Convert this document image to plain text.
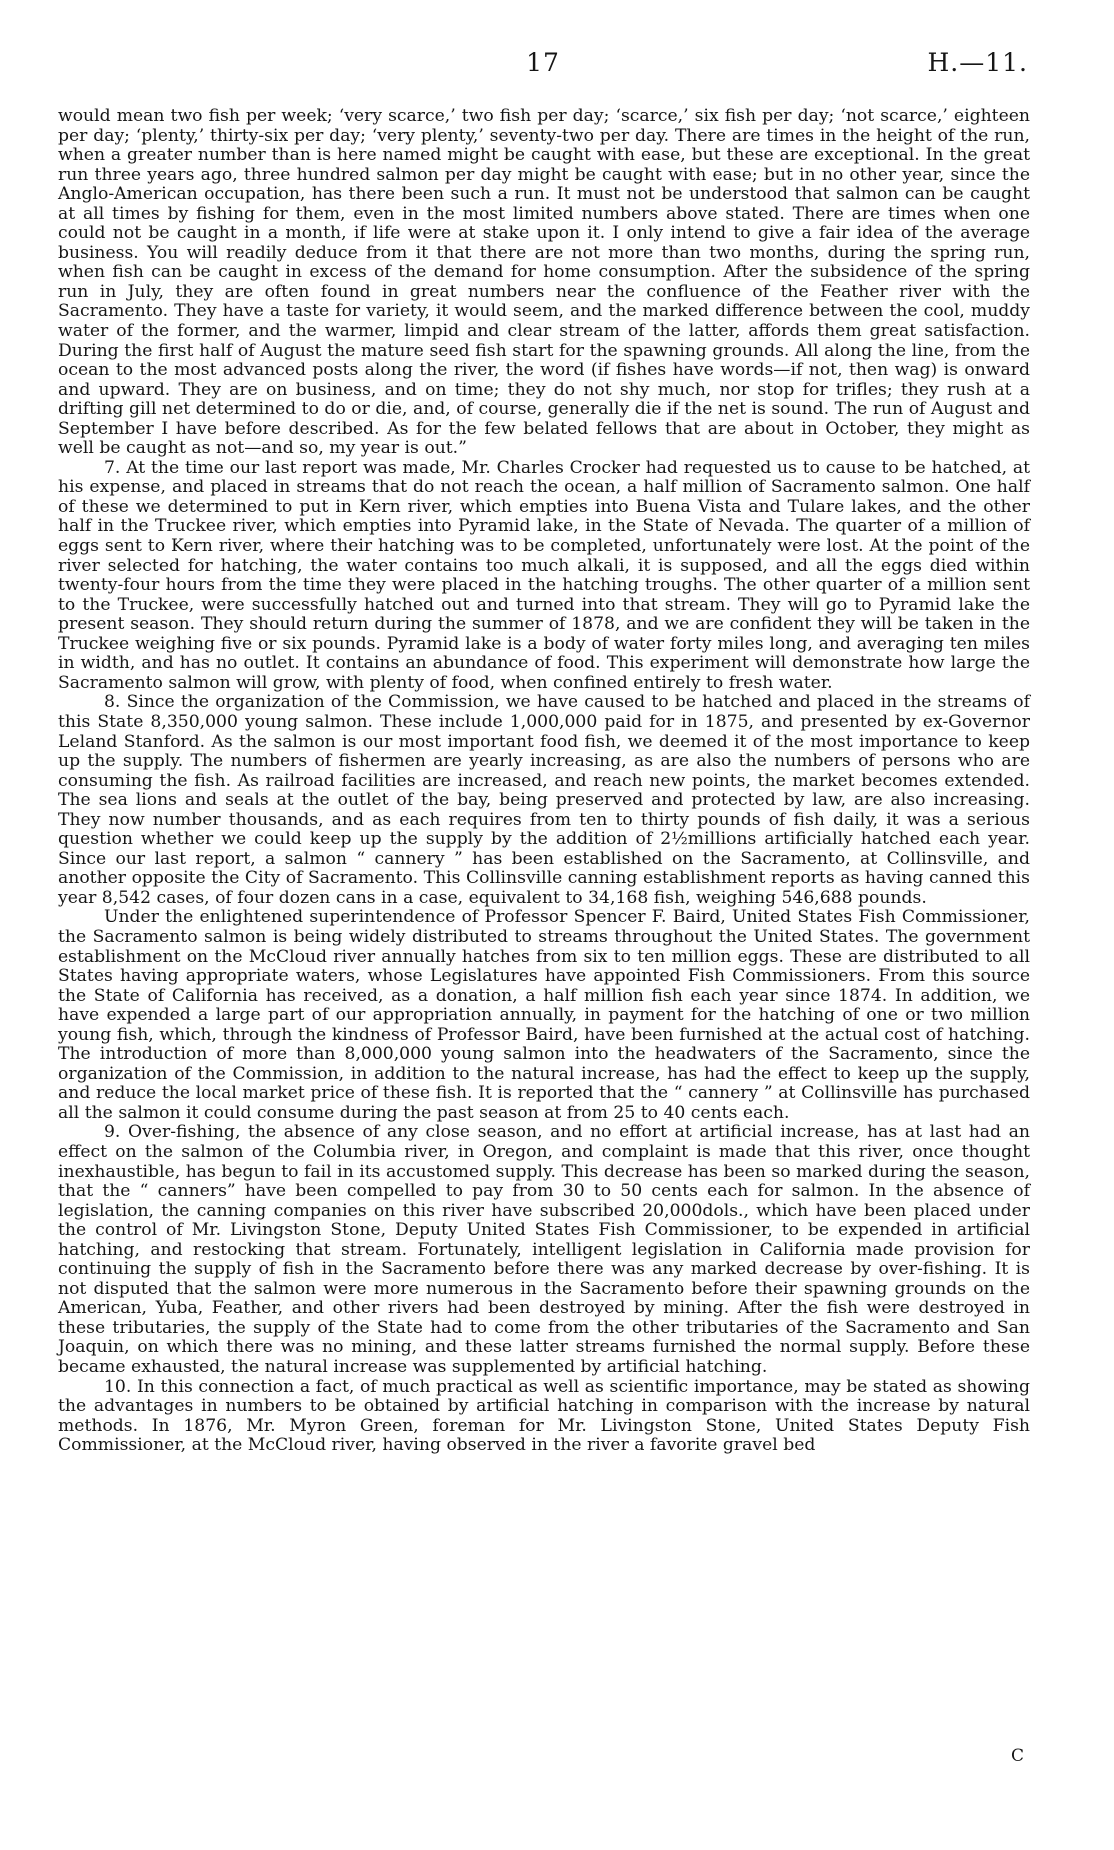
17	H.—11.

would mean two fish per week; ‘very scarce,’ two fish per day; ‘scarce,’ six fish per day; ‘not scarce,’ eighteen per day; ‘plenty,’ thirty-six per day; ‘very plenty,’ seventy-two per day. There are times in the height of the run, when a greater number than is here named might be caught with ease, but these are exceptional. In the great run three years ago, three hundred salmon per day might be caught with ease; but in no other year, since the Anglo-American occupation, has there been such a run. It must not be understood that salmon can be caught at all times by fishing for them, even in the most limited numbers above stated. There are times when one could not be caught in a month, if life were at stake upon it. I only intend to give a fair idea of the average business. You will readily deduce from it that there are not more than two months, during the spring run, when fish can be caught in excess of the demand for home consumption. After the subsidence of the spring run in July, they are often found in great numbers near the confluence of the Feather river with the Sacramento. They have a taste for variety, it would seem, and the marked difference between the cool, muddy water of the former, and the warmer, limpid and clear stream of the latter, affords them great satisfaction. During the first half of August the mature seed fish start for the spawning grounds. All along the line, from the ocean to the most advanced posts along the river, the word (if fishes have words—if not, then wag) is onward and upward. They are on business, and on time; they do not shy much, nor stop for trifles; they rush at a drifting gill net determined to do or die, and, of course, generally die if the net is sound. The run of August and September I have before described. As for the few belated fellows that are about in October, they might as well be caught as not—and so, my year is out.”

7. At the time our last report was made, Mr. Charles Crocker had requested us to cause to be hatched, at his expense, and placed in streams that do not reach the ocean, a half million of Sacramento salmon. One half of these we determined to put in Kern river, which empties into Buena Vista and Tulare lakes, and the other half in the Truckee river, which empties into Pyramid lake, in the State of Nevada. The quarter of a million of eggs sent to Kern river, where their hatching was to be completed, unfortunately were lost. At the point of the river selected for hatching, the water contains too much alkali, it is supposed, and all the eggs died within twenty-four hours from the time they were placed in the hatching troughs. The other quarter of a million sent to the Truckee, were successfully hatched out and turned into that stream. They will go to Pyramid lake the present season. They should return during the summer of 1878, and we are confident they will be taken in the Truckee weighing five or six pounds. Pyramid lake is a body of water forty miles long, and averaging ten miles in width, and has no outlet. It contains an abundance of food. This experiment will demonstrate how large the Sacramento salmon will grow, with plenty of food, when confined entirely to fresh water.

8. Since the organization of the Commission, we have caused to be hatched and placed in the streams of this State 8,350,000 young salmon. These include 1,000,000 paid for in 1875, and presented by ex-Governor Leland Stanford. As the salmon is our most important food fish, we deemed it of the most importance to keep up the supply. The numbers of fishermen are yearly increasing, as are also the numbers of persons who are consuming the fish. As railroad facilities are increased, and reach new points, the market becomes extended. The sea lions and seals at the outlet of the bay, being preserved and protected by law, are also increasing. They now number thousands, and as each requires from ten to thirty pounds of fish daily, it was a serious question whether we could keep up the supply by the addition of 2½millions artificially hatched each year. Since our last report, a salmon “ cannery ” has been established on the Sacramento, at Collinsville, and another opposite the City of Sacramento. This Collinsville canning establishment reports as having canned this year 8,542 cases, of four dozen cans in a case, equivalent to 34,168 fish, weighing 546,688 pounds.

Under the enlightened superintendence of Professor Spencer F. Baird, United States Fish Commissioner, the Sacramento salmon is being widely distributed to streams throughout the United States. The government establishment on the McCloud river annually hatches from six to ten million eggs. These are distributed to all States having appropriate waters, whose Legislatures have appointed Fish Commissioners. From this source the State of California has received, as a donation, a half million fish each year since 1874. In addition, we have expended a large part of our appropriation annually, in payment for the hatching of one or two million young fish, which, through the kindness of Professor Baird, have been furnished at the actual cost of hatching. The introduction of more than 8,000,000 young salmon into the headwaters of the Sacramento, since the organization of the Commission, in addition to the natural increase, has had the effect to keep up the supply, and reduce the local market price of these fish. It is reported that the “ cannery ” at Collinsville has purchased all the salmon it could consume during the past season at from 25 to 40 cents each.

9. Over-fishing, the absence of any close season, and no effort at artificial increase, has at last had an effect on the salmon of the Columbia river, in Oregon, and complaint is made that this river, once thought inexhaustible, has begun to fail in its accustomed supply. This decrease has been so marked during the season, that the “ canners” have been compelled to pay from 30 to 50 cents each for salmon. In the absence of legislation, the canning companies on this river have subscribed 20,000dols., which have been placed under the control of Mr. Livingston Stone, Deputy United States Fish Commissioner, to be expended in artificial hatching, and restocking that stream. Fortunately, intelligent legislation in California made provision for continuing the supply of fish in the Sacramento before there was any marked decrease by over-fishing. It is not disputed that the salmon were more numerous in the Sacramento before their spawning grounds on the American, Yuba, Feather, and other rivers had been destroyed by mining. After the fish were destroyed in these tributaries, the supply of the State had to come from the other tributaries of the Sacramento and San Joaquin, on which there was no mining, and these latter streams furnished the normal supply. Before these became exhausted, the natural increase was supplemented by artificial hatching.

10. In this connection a fact, of much practical as well as scientific importance, may be stated as showing the advantages in numbers to be obtained by artificial hatching in comparison with the increase by natural methods. In 1876, Mr. Myron Green, foreman for Mr. Livingston Stone, United States Deputy Fish Commissioner, at the McCloud river, having observed in the river a favorite gravel bed

C
